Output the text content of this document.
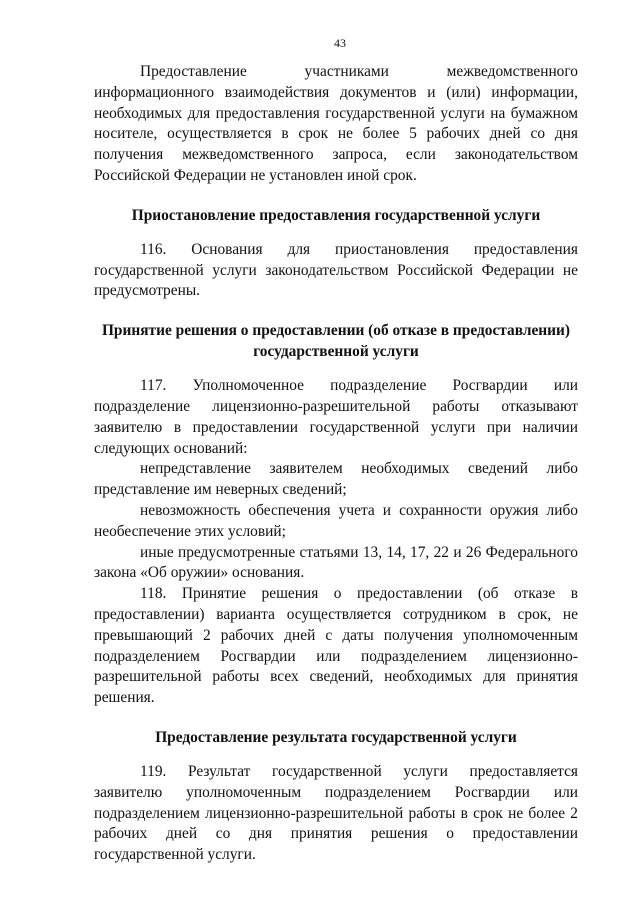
43

Предоставление участниками межведомственного информационного взаимодействия документов и (или) информации, необходимых для предоставления государственной услуги на бумажном носителе, осуществляется в срок не более 5 рабочих дней со дня получения межведомственного запроса, если законодательством Российской Федерации не установлен иной срок.

Приостановление предоставления государственной услуги

116. Основания для приостановления предоставления государственной услуги законодательством Российской Федерации не предусмотрены.

Принятие решения о предоставлении (об отказе в предоставлении)

государственной услуги

117. Уполномоченное подразделение Росгвардии или подразделение лицензионно-разрешительной работы отказывают заявителю в предоставлении государственной услуги при наличии следующих оснований:

непредставление заявителем необходимых сведений либо представление им неверных сведений;

невозможность обеспечения учета и сохранности оружия либо необеспечение этих условий;

иные предусмотренные статьями 13, 14, 17, 22 и 26 Федерального закона «Об оружии» основания.

118. Принятие решения о предоставлении (об отказе в предоставлении) варианта осуществляется сотрудником в срок, не превышающий 2 рабочих дней с даты получения уполномоченным подразделением Росгвардии или подразделением лицензионно-разрешительной работы всех сведений, необходимых для принятия решения.

Предоставление результата государственной услуги

119. Результат государственной услуги предоставляется заявителю уполномоченным подразделением Росгвардии или подразделением лицензионно-разрешительной работы в срок не более 2 рабочих дней со дня принятия решения о предоставлении государственной услуги.
